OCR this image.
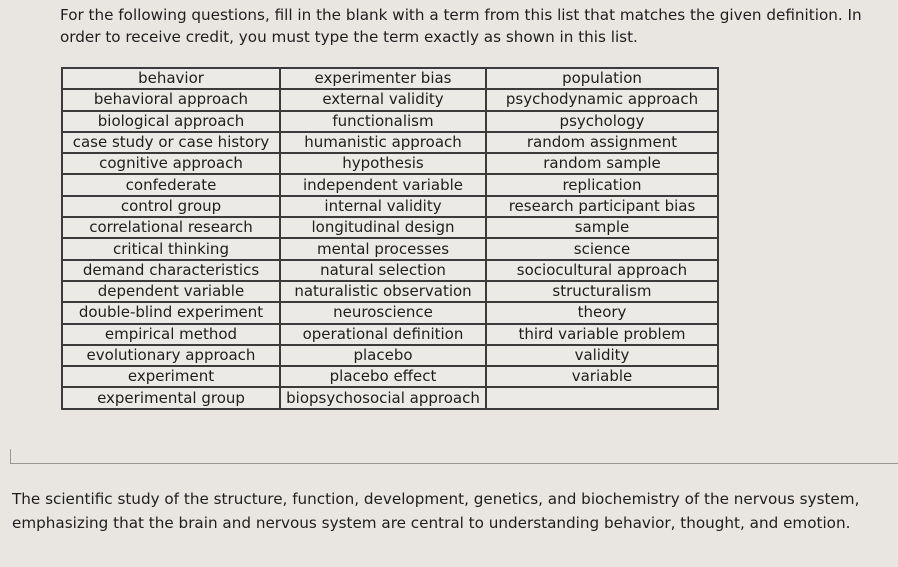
For the following questions, fill in the blank with a term from this list that matches the given definition. In order to receive credit, you must type the term exactly as shown in this list.

behavior	experimenter bias	population
behavioral approach	external validity	psychodynamic approach
biological approach	functionalism	psychology
case study or case history	humanistic approach	random assignment
cognitive approach	hypothesis	random sample
confederate	independent variable	replication
control group	internal validity	research participant bias
correlational research	longitudinal design	sample
critical thinking	mental processes	science
demand characteristics	natural selection	sociocultural approach
dependent variable	naturalistic observation	structuralism
double-blind experiment	neuroscience	theory
empirical method	operational definition	third variable problem
evolutionary approach	placebo	validity
experiment	placebo effect	variable
experimental group	biopsychosocial approach	

The scientific study of the structure, function, development, genetics, and biochemistry of the nervous system, emphasizing that the brain and nervous system are central to understanding behavior, thought, and emotion.
